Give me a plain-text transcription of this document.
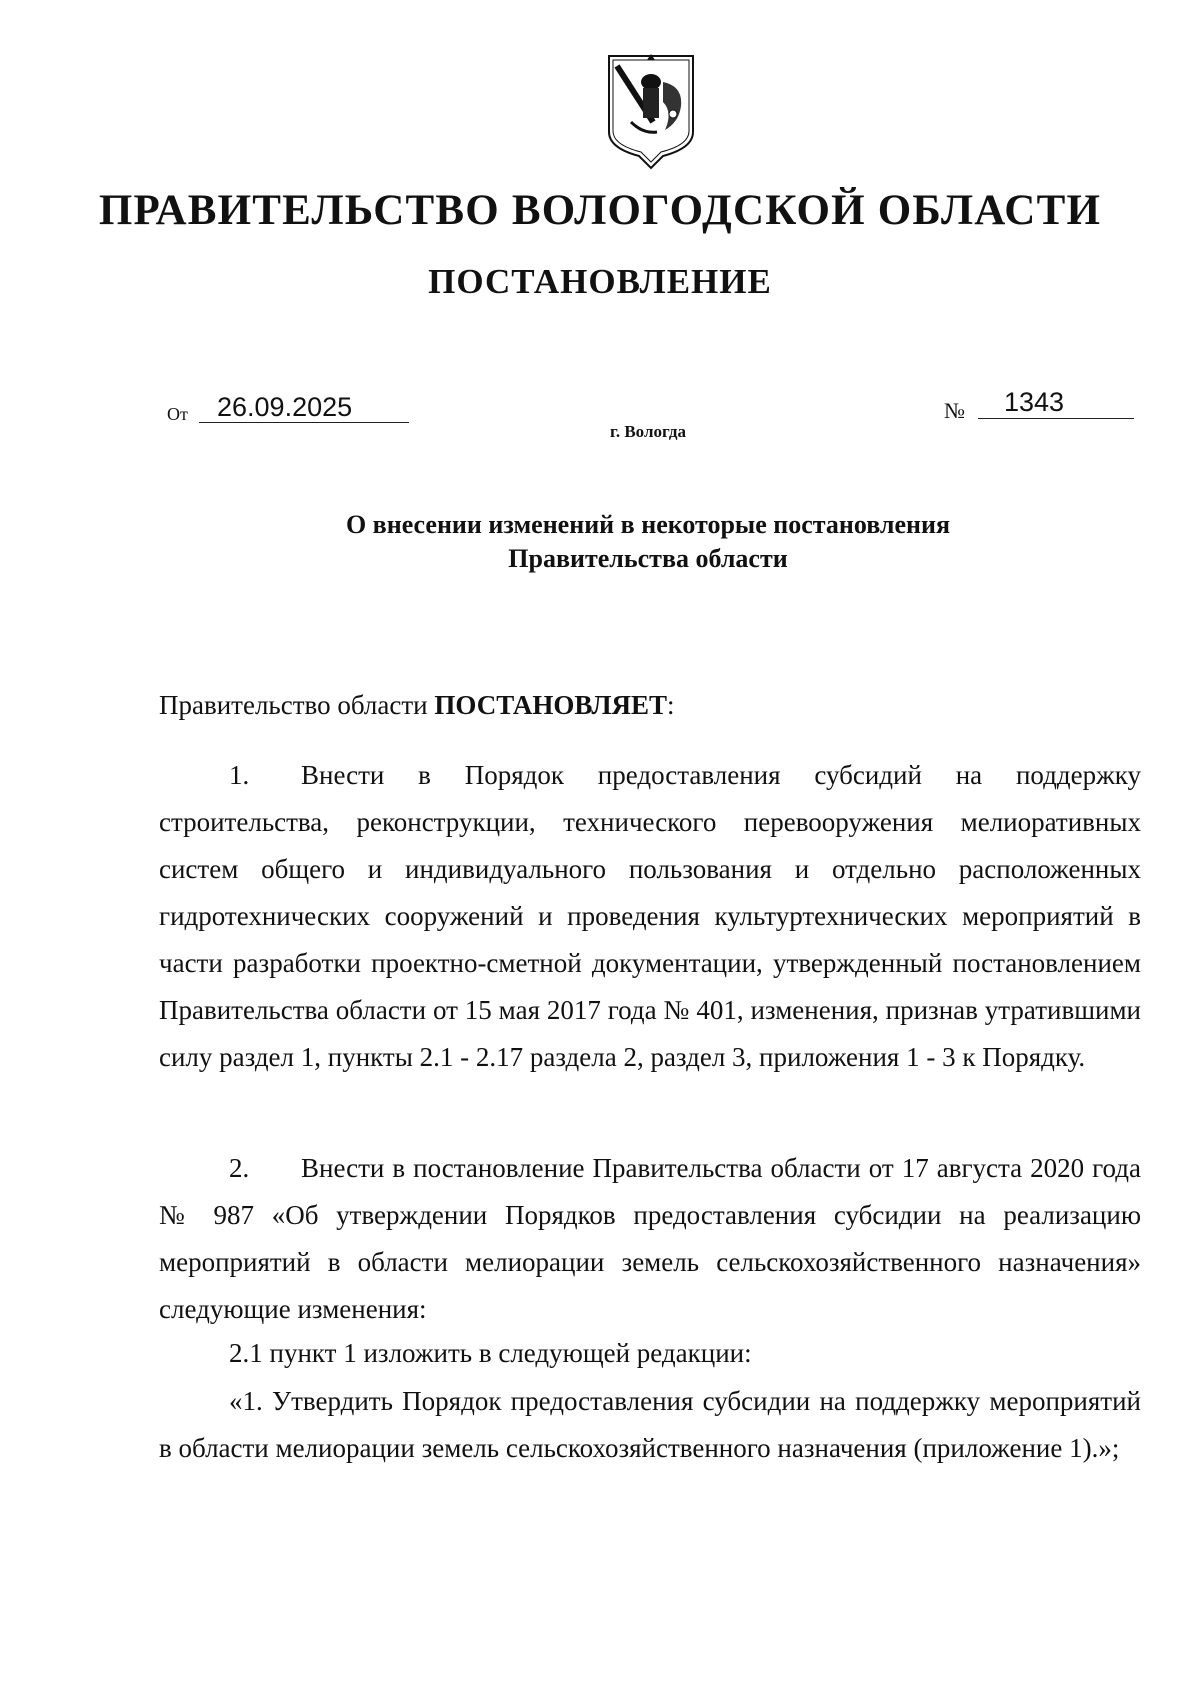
ПРАВИТЕЛЬСТВО ВОЛОГОДСКОЙ ОБЛАСТИ
ПОСТАНОВЛЕНИЕ
От 26.09.2025	№ 1343
г. Вологда
О внесении изменений в некоторые постановления
Правительства области
Правительство области ПОСТАНОВЛЯЕТ:

1. Внести в Порядок предоставления субсидий на поддержку строительства, реконструкции, технического перевооружения мелиоративных систем общего и индивидуального пользования и отдельно расположенных гидротехнических сооружений и проведения культуртехнических мероприятий в части разработки проектно-сметной документации, утвержденный постановлением Правительства области от 15 мая 2017 года № 401, изменения, признав утратившими силу раздел 1, пункты 2.1 - 2.17 раздела 2, раздел 3, приложения 1 - 3 к Порядку.

2. Внести в постановление Правительства области от 17 августа 2020 года № 987 «Об утверждении Порядков предоставления субсидии на реализацию мероприятий в области мелиорации земель сельскохозяйственного назначения» следующие изменения:

2.1 пункт 1 изложить в следующей редакции:

«1. Утвердить Порядок предоставления субсидии на поддержку мероприятий в области мелиорации земель сельскохозяйственного назначения (приложение 1).»;
